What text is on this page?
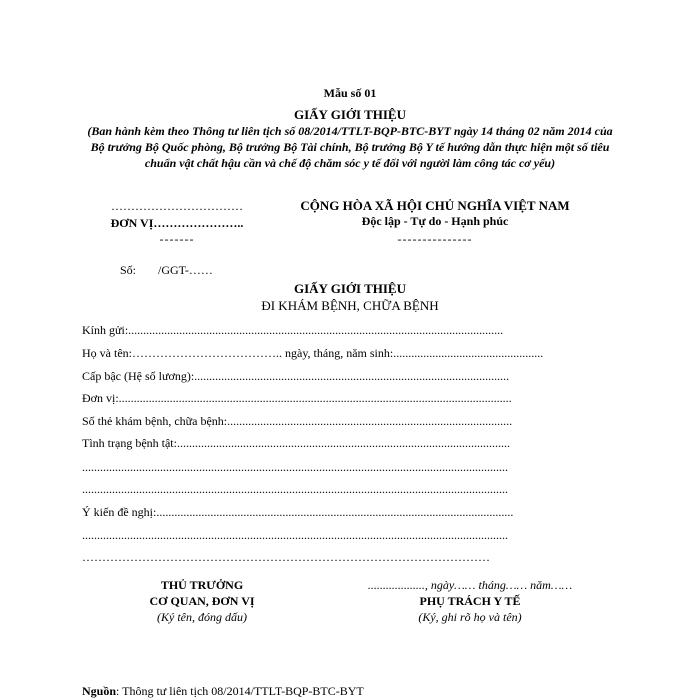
Mẫu số 01
GIẤY GIỚI THIỆU
(Ban hành kèm theo Thông tư liên tịch số 08/2014/TTLT-BQP-BTC-BYT ngày 14 tháng 02 năm 2014 của Bộ trưởng Bộ Quốc phòng, Bộ trưởng Bộ Tài chính, Bộ trưởng Bộ Y tế hướng dẫn thực hiện một số tiêu chuẩn vật chất hậu cần và chế độ chăm sóc y tế đối với người làm công tác cơ yếu)
……………………………
ĐƠN VỊ…………………..
-------
CỘNG HÒA XÃ HỘI CHỦ NGHĨA VIỆT NAM
Độc lập - Tự do - Hạnh phúc
---------------
Số: /GGT-……
GIẤY GIỚI THIỆU
ĐI KHÁM BỆNH, CHỮA BỆNH
Kính gửi:.............................................................................................................................
Họ và tên:……………………………….. ngày, tháng, năm sinh:..................................................
Cấp bậc (Hệ số lương):.........................................................................................................
Đơn vị:...................................................................................................................................
Số thẻ khám bệnh, chữa bệnh:...............................................................................................
Tình trạng bệnh tật:...............................................................................................................
..............................................................................................................................................
..............................................................................................................................................
Ý kiến đề nghị:.......................................................................................................................
..............................................................................................................................................
…………………………………………………………………………………………
THỦ TRƯỞNG
CƠ QUAN, ĐƠN VỊ
(Ký tên, đóng dấu)
..................., ngày…… tháng…… năm……
PHỤ TRÁCH Y TẾ
(Ký, ghi rõ họ và tên)
Nguồn: Thông tư liên tịch 08/2014/TTLT-BQP-BTC-BYT
